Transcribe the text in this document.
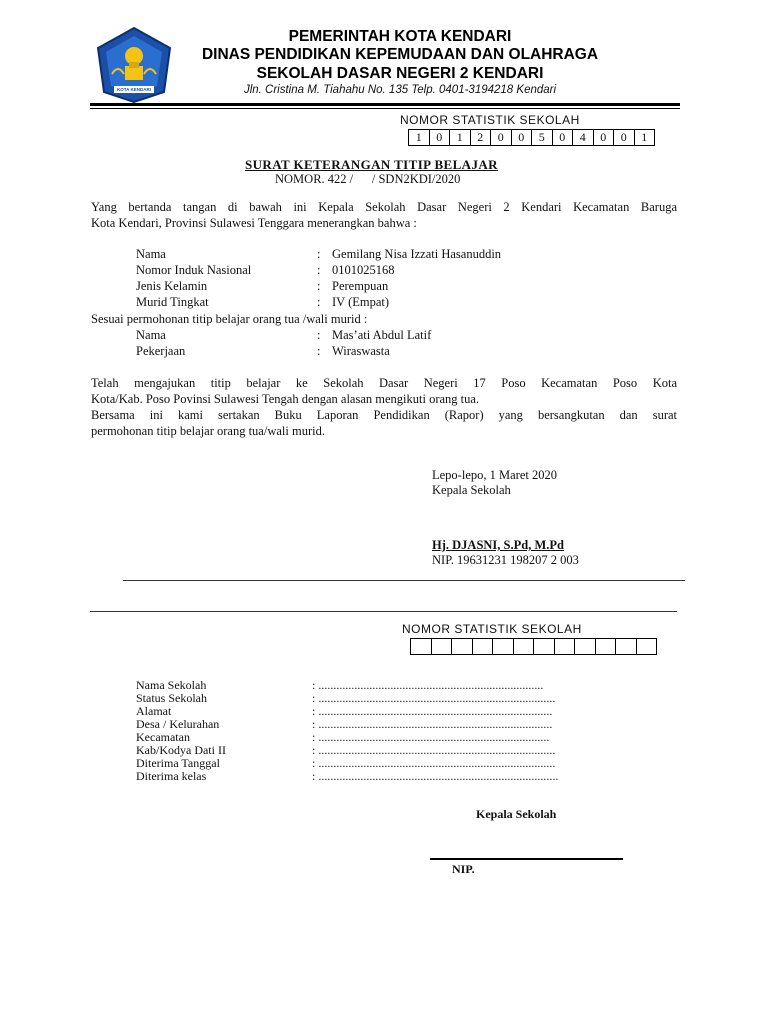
KOTA KENDARI
PEMERINTAH KOTA KENDARI
DINAS PENDIDIKAN KEPEMUDAAN DAN OLAHRAGA
SEKOLAH DASAR NEGERI 2 KENDARI
Jln. Cristina M. Tiahahu No. 135 Telp. 0401-3194218 Kendari
NOMOR STATISTIK SEKOLAH
1	0	1	2	0	0	5	0	4	0	0	1
SURAT KETERANGAN TITIP BELAJAR
NOMOR. 422 /      / SDN2KDI/2020
Yang bertanda tangan di bawah ini Kepala Sekolah Dasar Negeri 2 Kendari Kecamatan Baruga
Kota Kendari, Provinsi Sulawesi Tenggara menerangkan bahwa :
Nama	: Gemilang Nisa Izzati Hasanuddin
Nomor Induk Nasional	: 0101025168
Jenis Kelamin	: Perempuan
Murid Tingkat	: IV (Empat)
Sesuai permohonan titip belajar orang tua /wali murid :
Nama	: Mas’ati Abdul Latif
Pekerjaan	: Wiraswasta
Telah mengajukan titip belajar ke Sekolah Dasar Negeri 17 Poso Kecamatan Poso Kota
Kota/Kab. Poso Povinsi Sulawesi Tengah dengan alasan mengikuti orang tua.
Bersama ini kami sertakan Buku Laporan Pendidikan (Rapor) yang bersangkutan dan surat
permohonan titip belajar orang tua/wali murid.
Lepo-lepo, 1 Maret 2020
Kepala Sekolah
Hj. DJASNI, S.Pd, M.Pd
NIP. 19631231 198207 2 003
NOMOR STATISTIK SEKOLAH
Nama Sekolah	: ...........................................................................
Status Sekolah	: ...............................................................................
Alamat	: ..............................................................................
Desa / Kelurahan	: ..............................................................................
Kecamatan	: .............................................................................
Kab/Kodya Dati II	: ...............................................................................
Diterima Tanggal	: ...............................................................................
Diterima kelas	: ................................................................................
Kepala Sekolah
NIP.
